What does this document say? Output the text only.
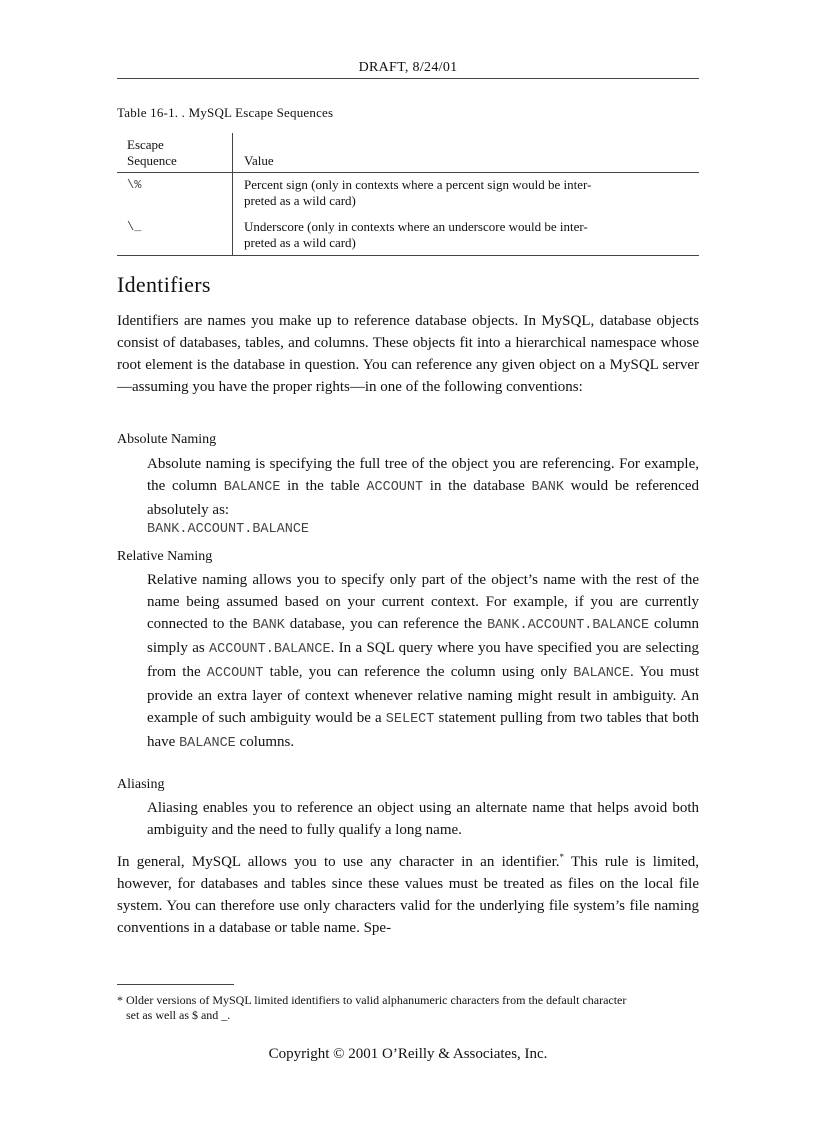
DRAFT, 8/24/01
Table 16-1. . MySQL Escape Sequences
Escape
Sequence	Value
\%	Percent sign (only in contexts where a percent sign would be inter-
preted as a wild card)
\_	Underscore (only in contexts where an underscore would be inter-
preted as a wild card)
Identifiers
Identifiers are names you make up to reference database objects. In MySQL, database objects consist of databases, tables, and columns. These objects fit into a hierarchical namespace whose root element is the database in question. You can reference any given object on a MySQL server—assuming you have the proper rights—in one of the following conventions:
Absolute Naming
Absolute naming is specifying the full tree of the object you are referencing. For example, the column BALANCE in the table ACCOUNT in the database BANK would be referenced absolutely as:
BANK.ACCOUNT.BALANCE
Relative Naming
Relative naming allows you to specify only part of the object’s name with the rest of the name being assumed based on your current context. For example, if you are currently connected to the BANK database, you can reference the BANK.ACCOUNT.BALANCE column simply as ACCOUNT.BALANCE. In a SQL query where you have specified you are selecting from the ACCOUNT table, you can reference the column using only BALANCE. You must provide an extra layer of context whenever relative naming might result in ambiguity. An example of such ambiguity would be a SELECT statement pulling from two tables that both have BALANCE columns.
Aliasing
Aliasing enables you to reference an object using an alternate name that helps avoid both ambiguity and the need to fully qualify a long name.
In general, MySQL allows you to use any character in an identifier.* This rule is limited, however, for databases and tables since these values must be treated as files on the local file system. You can therefore use only characters valid for the underlying file system’s file naming conventions in a database or table name. Spe-
* Older versions of MySQL limited identifiers to valid alphanumeric characters from the default character
set as well as $ and _.
Copyright © 2001 O’Reilly & Associates, Inc.
